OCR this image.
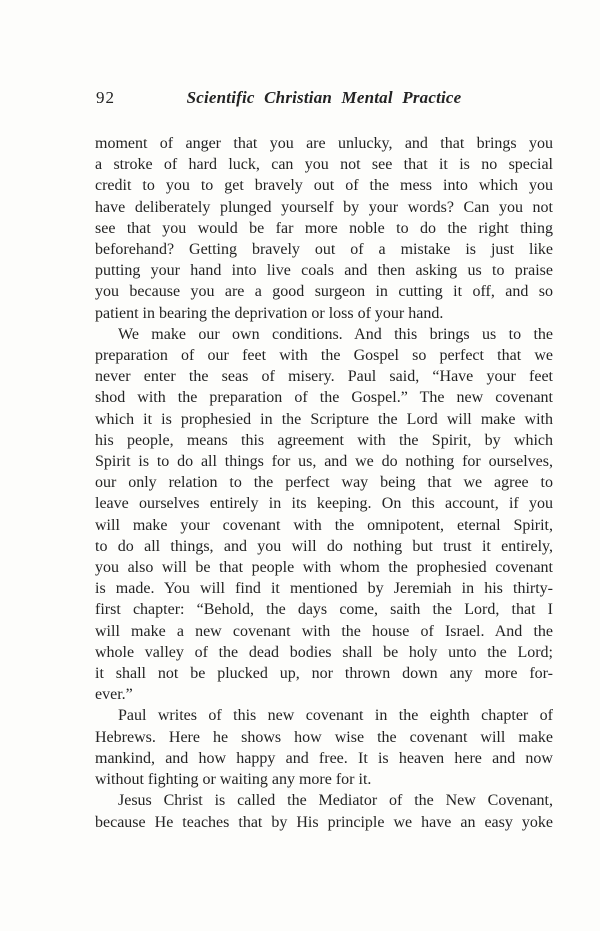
92	Scientific Christian Mental Practice
moment of anger that you are unlucky, and that brings you
a stroke of hard luck, can you not see that it is no special
credit to you to get bravely out of the mess into which you
have deliberately plunged yourself by your words? Can you not
see that you would be far more noble to do the right thing
beforehand? Getting bravely out of a mistake is just like
putting your hand into live coals and then asking us to praise
you because you are a good surgeon in cutting it off, and so
patient in bearing the deprivation or loss of your hand.
We make our own conditions. And this brings us to the
preparation of our feet with the Gospel so perfect that we
never enter the seas of misery. Paul said, “Have your feet
shod with the preparation of the Gospel.” The new covenant
which it is prophesied in the Scripture the Lord will make with
his people, means this agreement with the Spirit, by which
Spirit is to do all things for us, and we do nothing for ourselves,
our only relation to the perfect way being that we agree to
leave ourselves entirely in its keeping. On this account, if you
will make your covenant with the omnipotent, eternal Spirit,
to do all things, and you will do nothing but trust it entirely,
you also will be that people with whom the prophesied covenant
is made. You will find it mentioned by Jeremiah in his thirty-
first chapter: “Behold, the days come, saith the Lord, that I
will make a new covenant with the house of Israel. And the
whole valley of the dead bodies shall be holy unto the Lord;
it shall not be plucked up, nor thrown down any more for-
ever.”
Paul writes of this new covenant in the eighth chapter of
Hebrews. Here he shows how wise the covenant will make
mankind, and how happy and free. It is heaven here and now
without fighting or waiting any more for it.
Jesus Christ is called the Mediator of the New Covenant,
because He teaches that by His principle we have an easy yoke
